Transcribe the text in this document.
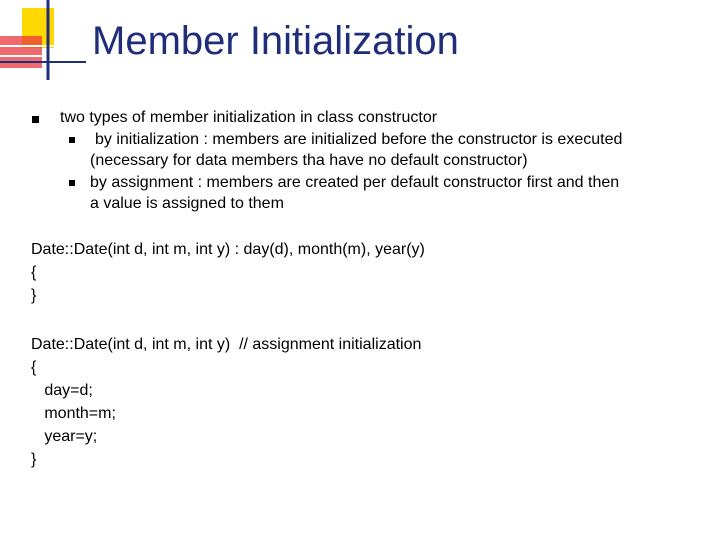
Member Initialization
two types of member initialization in class constructor
by initialization : members are initialized before the constructor is executed
(necessary for data members tha have no default constructor)
by assignment : members are created per default constructor first and then
a value is assigned to them
Date::Date(int d, int m, int y) : day(d), month(m), year(y)
{
}
Date::Date(int d, int m, int y)  // assignment initialization
{
day=d;
month=m;
year=y;
}
